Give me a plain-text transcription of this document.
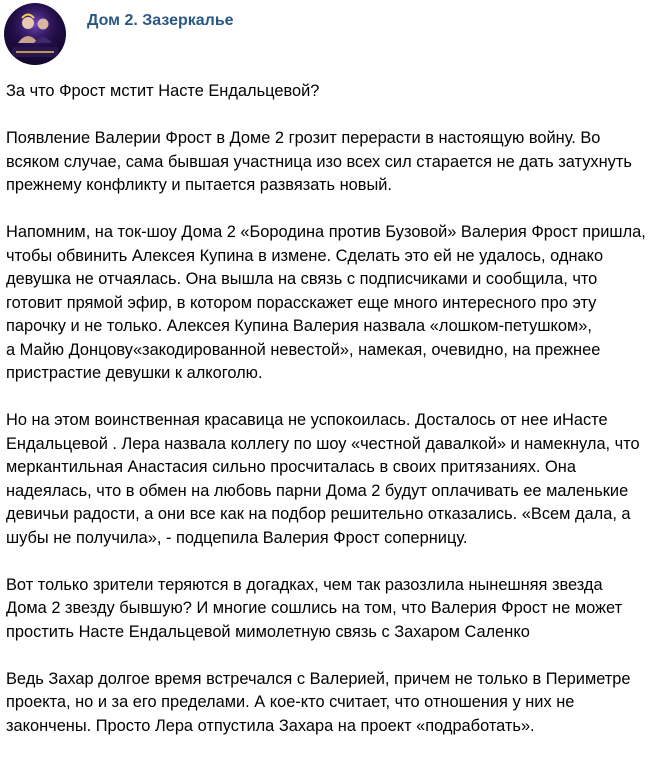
Дом 2. Зазеркалье

За что Фрост мстит Насте Ендальцевой?

Появление Валерии Фрост в Доме 2 грозит перерасти в настоящую войну. Во
всяком случае, сама бывшая участница изо всех сил старается не дать затухнуть
прежнему конфликту и пытается развязать новый.

Напомним, на ток-шоу Дома 2 «Бородина против Бузовой» Валерия Фрост пришла,
чтобы обвинить Алексея Купина в измене. Сделать это ей не удалось, однако
девушка не отчаялась. Она вышла на связь с подписчиками и сообщила, что
готовит прямой эфир, в котором порасскажет еще много интересного про эту
парочку и не только. Алексея Купина Валерия назвала «лошком-петушком»,
а Майю Донцову«закодированной невестой», намекая, очевидно, на прежнее
пристрастие девушки к алкоголю.

Но на этом воинственная красавица не успокоилась. Досталось от нее иНасте
Ендальцевой . Лера назвала коллегу по шоу «честной давалкой» и намекнула, что
меркантильная Анастасия сильно просчиталась в своих притязаниях. Она
надеялась, что в обмен на любовь парни Дома 2 будут оплачивать ее маленькие
девичьи радости, а они все как на подбор решительно отказались. «Всем дала, а
шубы не получила», - подцепила Валерия Фрост соперницу.

Вот только зрители теряются в догадках, чем так разозлила нынешняя звезда
Дома 2 звезду бывшую? И многие сошлись на том, что Валерия Фрост не может
простить Насте Ендальцевой мимолетную связь с Захаром Саленко

Ведь Захар долгое время встречался с Валерией, причем не только в Периметре
проекта, но и за его пределами. А кое-кто считает, что отношения у них не
закончены. Просто Лера отпустила Захара на проект «подработать».
